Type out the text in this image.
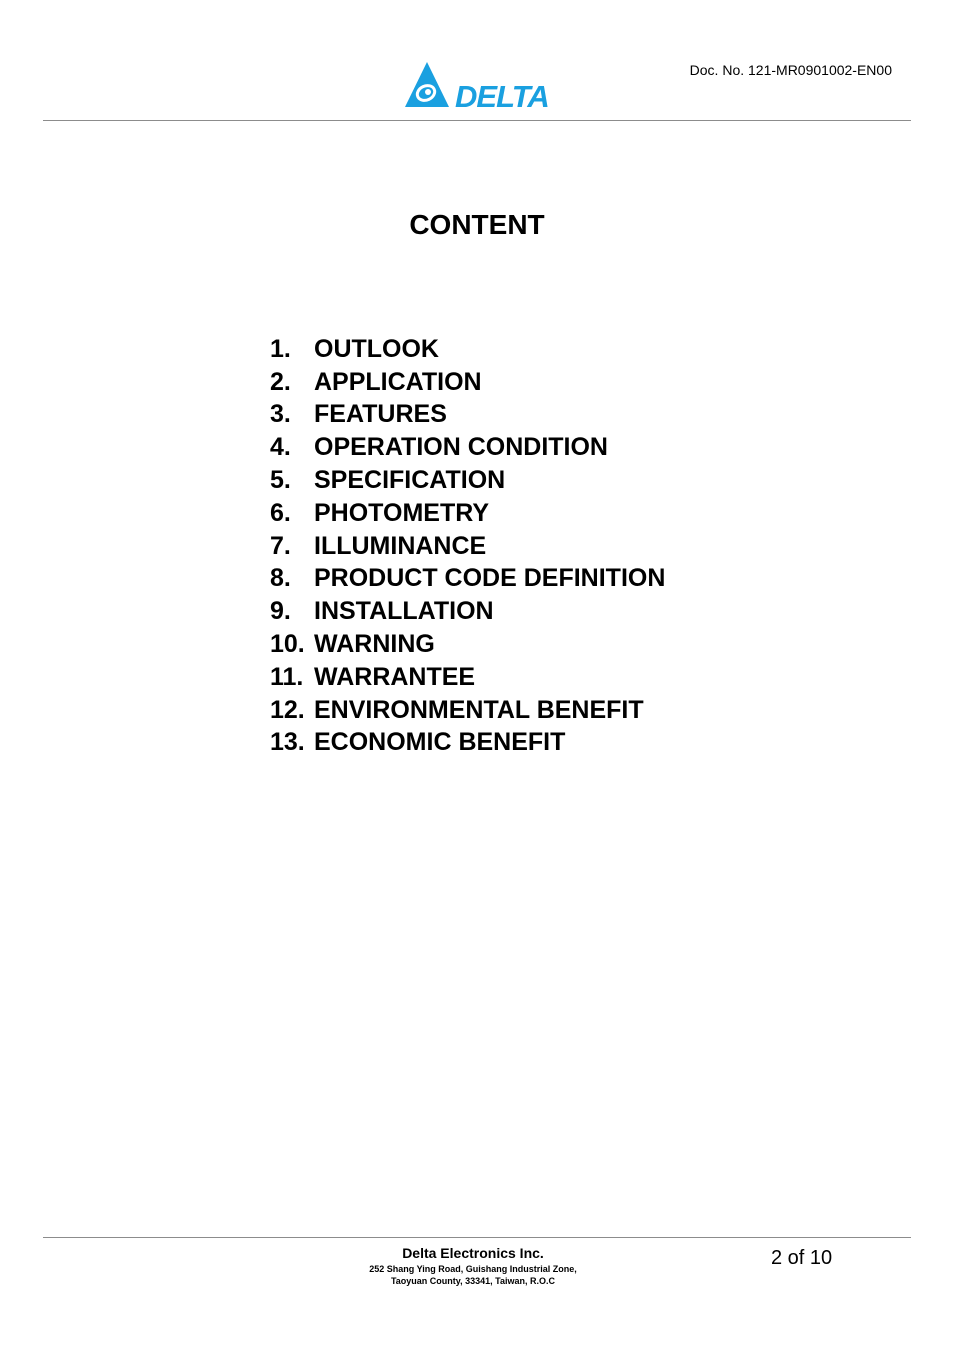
DELTA
Doc. No. 121-MR0901002-EN00
CONTENT
1. OUTLOOK
2. APPLICATION
3. FEATURES
4. OPERATION CONDITION
5. SPECIFICATION
6. PHOTOMETRY
7. ILLUMINANCE
8. PRODUCT CODE DEFINITION
9. INSTALLATION
10. WARNING
11. WARRANTEE
12. ENVIRONMENTAL BENEFIT
13. ECONOMIC BENEFIT
Delta Electronics Inc.
252 Shang Ying Road, Guishang Industrial Zone,
Taoyuan County, 33341, Taiwan, R.O.C
2 of 10
